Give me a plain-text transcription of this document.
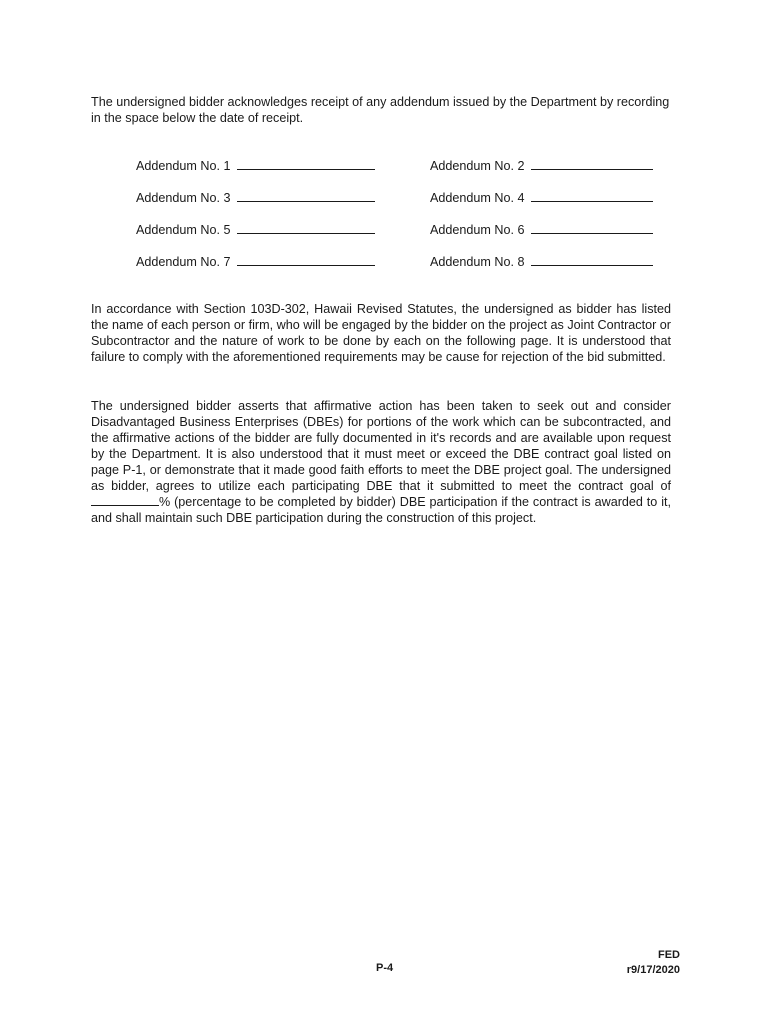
The undersigned bidder acknowledges receipt of any addendum issued by the Department by recording in the space below the date of receipt.
Addendum No. 1	Addendum No. 2
Addendum No. 3	Addendum No. 4
Addendum No. 5	Addendum No. 6
Addendum No. 7	Addendum No. 8
In accordance with Section 103D-302, Hawaii Revised Statutes, the undersigned as bidder has listed the name of each person or firm, who will be engaged by the bidder on the project as Joint Contractor or Subcontractor and the nature of work to be done by each on the following page. It is understood that failure to comply with the aforementioned requirements may be cause for rejection of the bid submitted.
The undersigned bidder asserts that affirmative action has been taken to seek out and consider Disadvantaged Business Enterprises (DBEs) for portions of the work which can be subcontracted, and the affirmative actions of the bidder are fully documented in it's records and are available upon request by the Department. It is also understood that it must meet or exceed the DBE contract goal listed on page P-1, or demonstrate that it made good faith efforts to meet the DBE project goal. The undersigned as bidder, agrees to utilize each participating DBE that it submitted to meet the contract goal of % (percentage to be completed by bidder) DBE participation if the contract is awarded to it, and shall maintain such DBE participation during the construction of this project.
P-4
FED
r9/17/2020
